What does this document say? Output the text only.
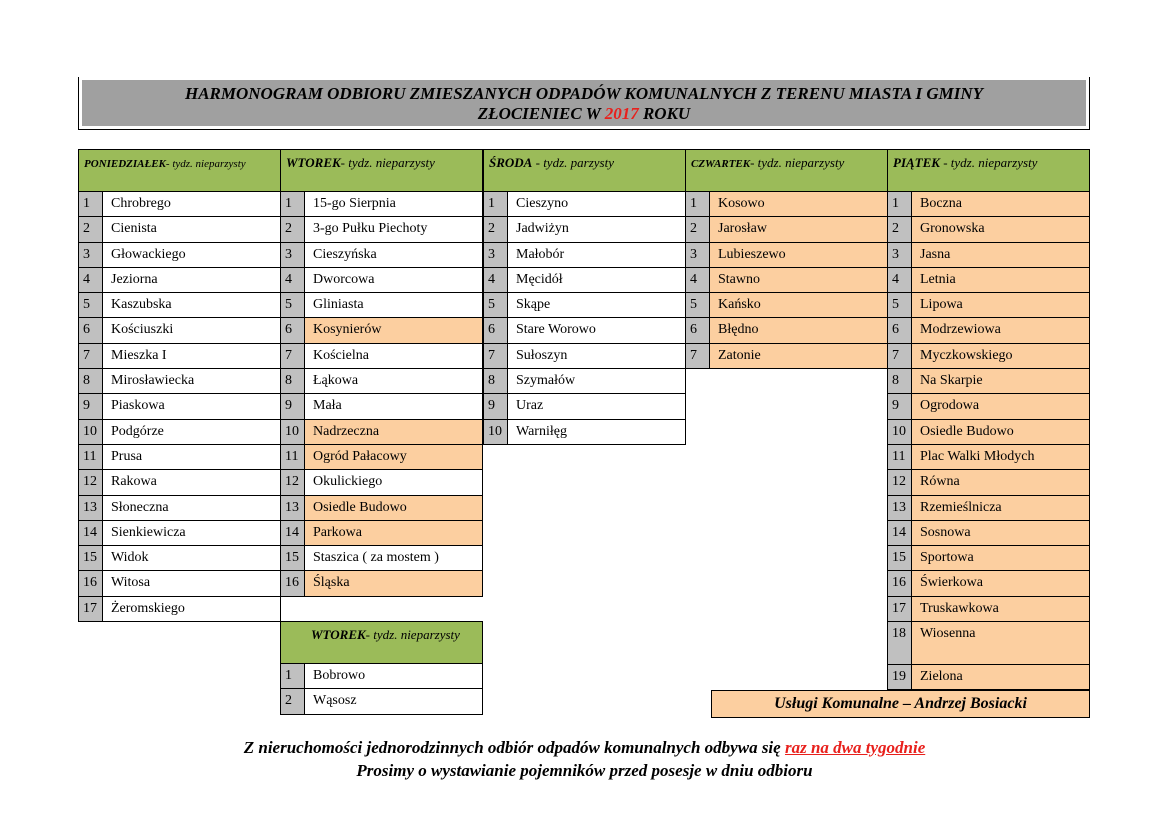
HARMONOGRAM ODBIORU ZMIESZANYCH ODPADÓW KOMUNALNYCH Z TERENU MIASTA I GMINY
ZŁOCIENIEC W 2017 ROKU
PONIEDZIAŁEK- tydz. nieparzysty
1	Chrobrego
2	Cienista
3	Głowackiego
4	Jeziorna
5	Kaszubska
6	Kościuszki
7	Mieszka I
8	Mirosławiecka
9	Piaskowa
10	Podgórze
11	Prusa
12	Rakowa
13	Słoneczna
14	Sienkiewicza
15	Widok
16	Witosa
17	Żeromskiego
WTOREK- tydz. nieparzysty
1	15-go Sierpnia
2	3-go Pułku Piechoty
3	Cieszyńska
4	Dworcowa
5	Gliniasta
6	Kosynierów
7	Kościelna
8	Łąkowa
9	Mała
10	Nadrzeczna
11	Ogród Pałacowy
12	Okulickiego
13	Osiedle Budowo
14	Parkowa
15	Staszica ( za mostem )
16	Śląska
WTOREK- tydz. nieparzysty
1	Bobrowo
2	Wąsosz
ŚRODA - tydz. parzysty
1	Cieszyno
2	Jadwiżyn
3	Małobór
4	Męcidół
5	Skąpe
6	Stare Worowo
7	Sułoszyn
8	Szymałów
9	Uraz
10	Warniłęg
CZWARTEK- tydz. nieparzysty
1	Kosowo
2	Jarosław
3	Lubieszewo
4	Stawno
5	Kańsko
6	Błędno
7	Zatonie
PIĄTEK - tydz. nieparzysty
1	Boczna
2	Gronowska
3	Jasna
4	Letnia
5	Lipowa
6	Modrzewiowa
7	Myczkowskiego
8	Na Skarpie
9	Ogrodowa
10	Osiedle Budowo
11	Plac Walki Młodych
12	Równa
13	Rzemieślnicza
14	Sosnowa
15	Sportowa
16	Świerkowa
17	Truskawkowa
18	Wiosenna
19	Zielona
Usługi Komunalne – Andrzej Bosiacki
Z nieruchomości jednorodzinnych odbiór odpadów komunalnych odbywa się raz na dwa tygodnie
Prosimy o wystawianie pojemników przed posesje w dniu odbioru
